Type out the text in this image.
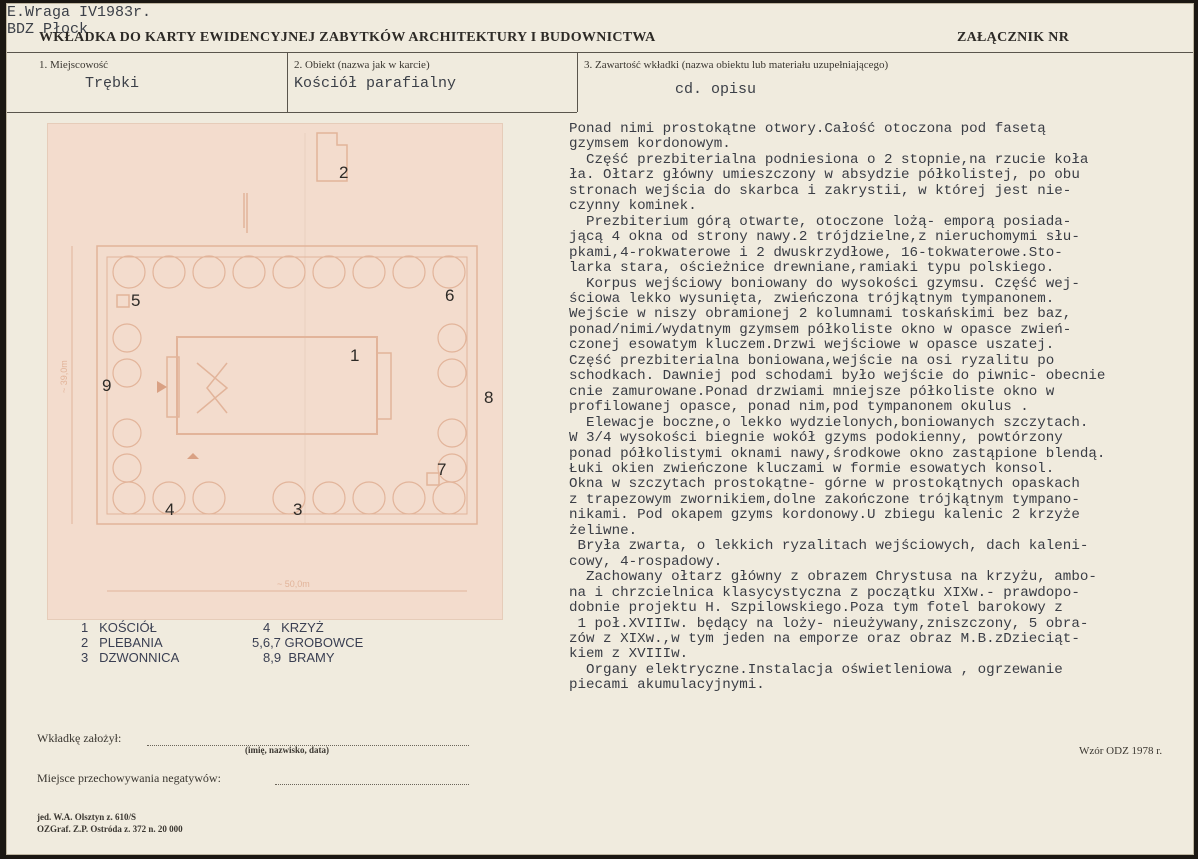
WKŁADKA DO KARTY EWIDENCYJNEJ ZABYTKÓW ARCHITEKTURY I BUDOWNICTWA	ZAŁĄCZNIK NR
1. Miejscowość
Trębki
2. Obiekt (nazwa jak w karcie)
Kościół parafialny
3. Zawartość wkładki (nazwa obiektu lub materiału uzupełniającego)
cd. opisu
2
1
3
4
5	6
7
8
9
~ 50,0m
~ 39,0m
1 KOŚCIÓŁ
2 PLEBANIA
3 DZWONNICA
4 KRZYŻ
5,6,7 GROBOWCE
8,9 BRAMY
Ponad nimi prostokątne otwory.Całość otoczona pod fasetą
gzymsem kordonowym.
Część prezbiterialna podniesiona o 2 stopnie,na rzucie koła
ła. Ołtarz główny umieszczony w absydzie półkolistej, po obu
stronach wejścia do skarbca i zakrystii, w której jest nie-
czynny kominek.
Prezbiterium górą otwarte, otoczone lożą- emporą posiada-
jącą 4 okna od strony nawy.2 trójdzielne,z nieruchomymi słu-
pkami,4-rokwaterowe i 2 dwuskrzydłowe, 16-tokwaterowe.Sto-
larka stara, ościeżnice drewniane,ramiaki typu polskiego.
Korpus wejściowy boniowany do wysokości gzymsu. Część wej-
ściowa lekko wysunięta, zwieńczona trójkątnym tympanonem.
Wejście w niszy obramionej 2 kolumnami toskańskimi bez baz,
ponad/nimi/wydatnym gzymsem półkoliste okno w opasce zwień-
czonej esowatym kluczem.Drzwi wejściowe w opasce uszatej.
Część prezbiterialna boniowana,wejście na osi ryzalitu po
schodkach. Dawniej pod schodami było wejście do piwnic- obecnie
cnie zamurowane.Ponad drzwiami mniejsze półkoliste okno w
profilowanej opasce, ponad nim,pod tympanonem okulus .
Elewacje boczne,o lekko wydzielonych,boniowanych szczytach.
W 3/4 wysokości biegnie wokół gzyms podokienny, powtórzony
ponad półkolistymi oknami nawy,środkowe okno zastąpione blendą.
Łuki okien zwieńczone kluczami w formie esowatych konsol.
Okna w szczytach prostokątne- górne w prostokątnych opaskach
z trapezowym zwornikiem,dolne zakończone trójkątnym tympano-
nikami. Pod okapem gzyms kordonowy.U zbiegu kalenic 2 krzyże
żeliwne.
Bryła zwarta, o lekkich ryzalitach wejściowych, dach kaleni-
cowy, 4-rospadowy.
Zachowany ołtarz główny z obrazem Chrystusa na krzyżu, ambo-
na i chrzcielnica klasycystyczna z początku XIXw.- prawdopo-
dobnie projektu H. Szpilowskiego.Poza tym fotel barokowy z
1 poł.XVIIIw. będący na loży- nieużywany,zniszczony, 5 obra-
zów z XIXw.,w tym jeden na emporze oraz obraz M.B.zDzieciąt-
kiem z XVIIIw.
Organy elektryczne.Instalacja oświetleniowa , ogrzewanie
piecami akumulacyjnymi.
Wkładkę założył:
E.Wraga IV1983r.
(imię, nazwisko, data)
Miejsce przechowywania negatywów:
BDZ Płock
Wzór ODZ 1978 r.
jed. W.A. Olsztyn z. 610/S
OZGraf. Z.P. Ostróda z. 372 n. 20 000
